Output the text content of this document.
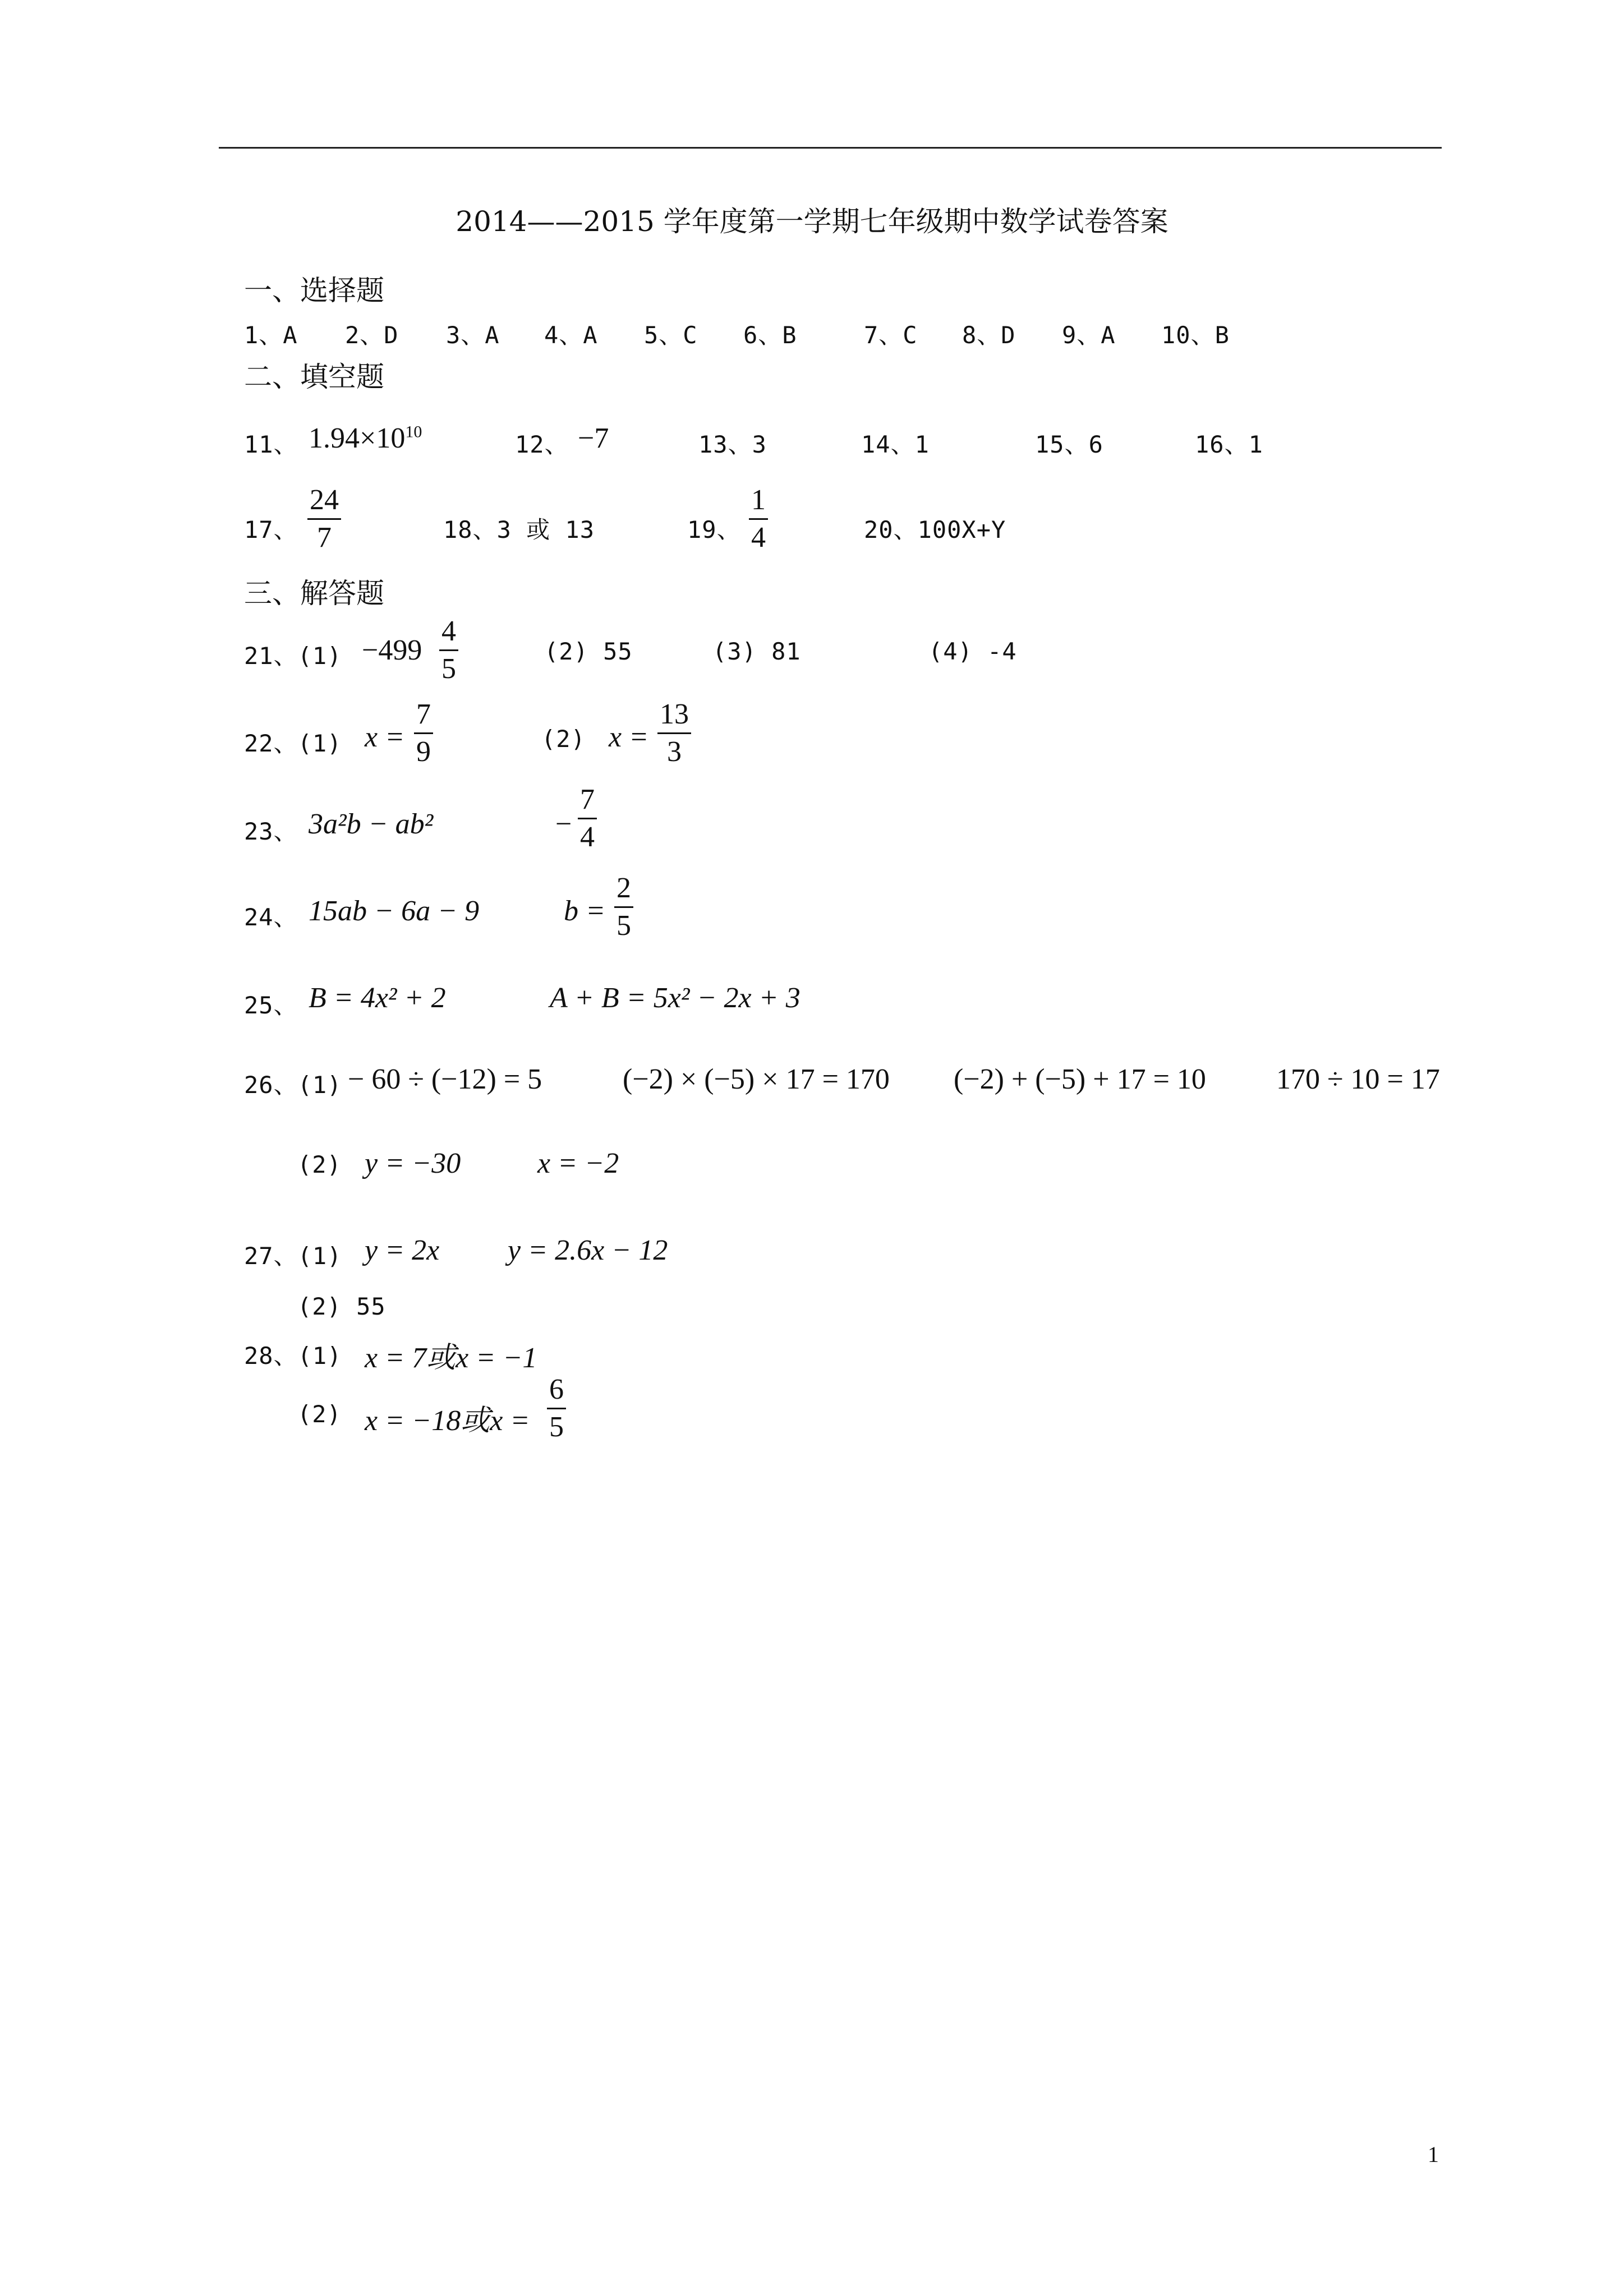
2014——2015 学年度第一学期七年级期中数学试卷答案
一、选择题
1、A 2、D 3、A 4、A 5、C 6、B	7、C 8、D 9、A 10、B
二、填空题
11、 $1.94\times 10^{10}$	12、 −7	13、3	14、1	15、6	16、1
17、
24
7	18、3 或 13	19、
1
4	20、100X+Y
三、解答题
21、(1) −499
4
5
(2) 55	(3) 81	(4) -4
22、(1) x =
7
9	(2) x =
13
3
23、 3a²b − ab²	−
7
4
24、 15ab − 6a − 9	b =
2
5
25、 B = 4x² + 2	A + B = 5x² − 2x + 3
26、(1) − 60 ÷ (−12) = 5	(−2) × (−5) × 17 = 170 (−2) + (−5) + 17 = 10 170 ÷ 10 = 17
(2) y = −30	x = −2
27、(1) y = 2x y = 2.6x − 12
(2) 55
28、(1) x = 7或x = −1
(2) x = −18或x =
6
5
1
